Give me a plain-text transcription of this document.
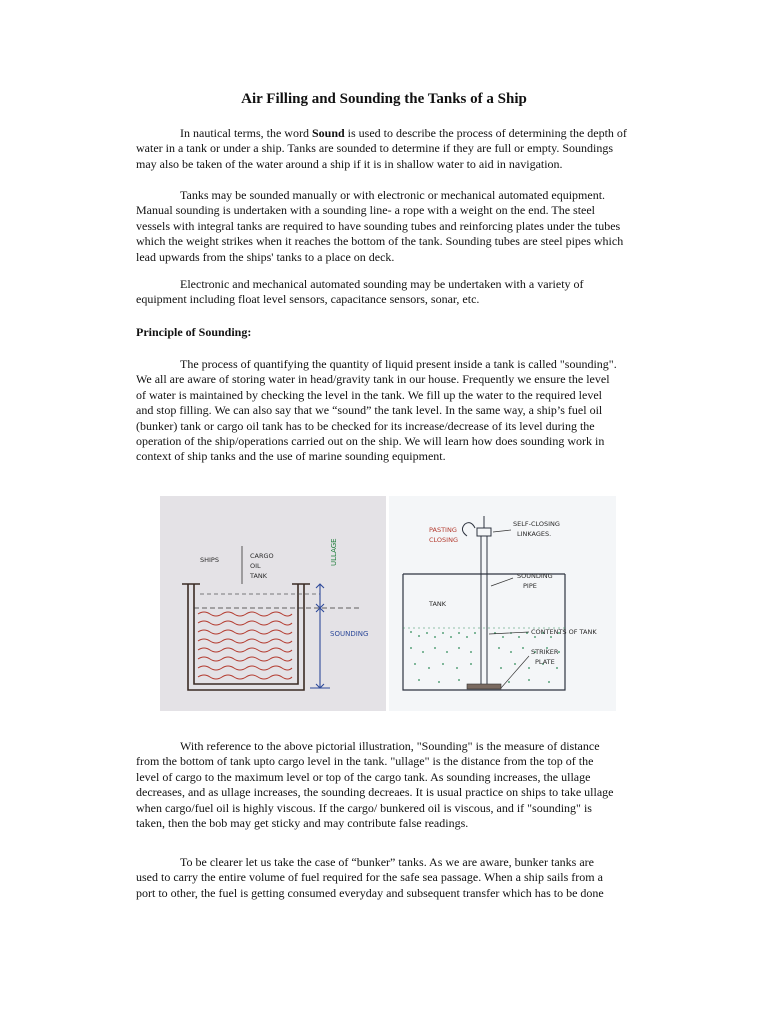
Air Filling and Sounding the Tanks of a Ship

In nautical terms, the word Sound is used to describe the process of determining the depth of
water in a tank or under a ship. Tanks are sounded to determine if they are full or empty. Soundings
may also be taken of the water around a ship if it is in shallow water to aid in navigation.

Tanks may be sounded manually or with electronic or mechanical automated equipment.
Manual sounding is undertaken with a sounding line- a rope with a weight on the end. The steel
vessels with integral tanks are required to have sounding tubes and reinforcing plates under the tubes
which the weight strikes when it reaches the bottom of the tank. Sounding tubes are steel pipes which
lead upwards from the ships' tanks to a place on deck.

Electronic and mechanical automated sounding may be undertaken with a variety of
equipment including float level sensors, capacitance sensors, sonar, etc.

Principle of Sounding:

The process of quantifying the quantity of liquid present inside a tank is called "sounding".
We all are aware of storing water in head/gravity tank in our house. Frequently we ensure the level
of water is maintained by checking the level in the tank. We fill up the water to the required level
and stop filling. We can also say that we “sound” the tank level. In the same way, a ship’s fuel oil
(bunker) tank or cargo oil tank has to be checked for its increase/decrease of its level during the
operation of the ship/operations carried out on the ship. We will learn how does sounding work in
context of ship tanks and the use of marine sounding equipment.

SHIPS	CARGO
OIL
TANK
ULLAGE
SOUNDING
SELF-CLOSING
LINKAGES.
PASTING
CLOSING
TANK
SOUNDING
PIPE
CONTENTS OF TANK
STRIKER
PLATE

With reference to the above pictorial illustration, "Sounding" is the measure of distance
from the bottom of tank upto cargo level in the tank. "ullage" is the distance from the top of the
level of cargo to the maximum level or top of the cargo tank. As sounding increases, the ullage
decreases, and as ullage increases, the sounding decreaes. It is usual practice on ships to take ullage
when cargo/fuel oil is highly viscous. If the cargo/ bunkered oil is viscous, and if "sounding" is
taken, then the bob may get sticky and may contribute false readings.

To be clearer let us take the case of “bunker” tanks. As we are aware, bunker tanks are
used to carry the entire volume of fuel required for the safe sea passage. When a ship sails from a
port to other, the fuel is getting consumed everyday and subsequent transfer which has to be done
